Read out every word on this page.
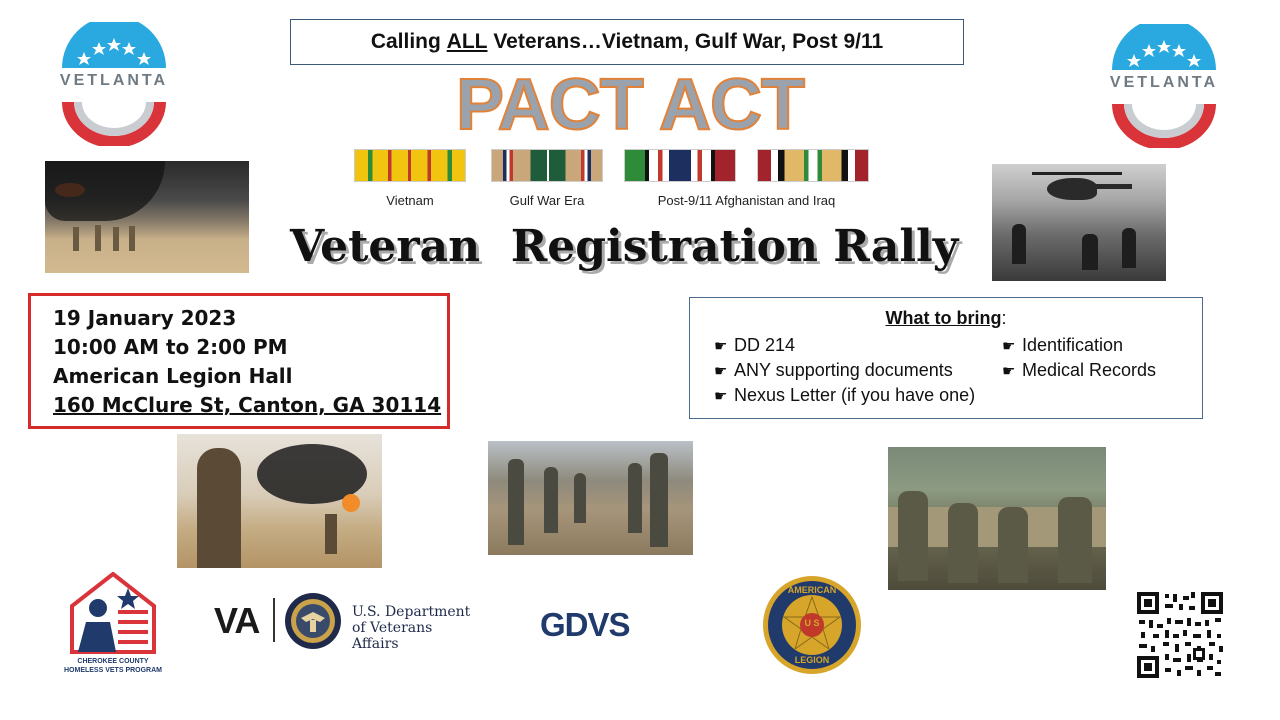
VETLANTA	VETLANTA
Calling ALL Veterans…Vietnam, Gulf War, Post 9/11
PACT ACT
Vietnam	Gulf War Era	Post-9/11 Afghanistan and Iraq
Veteran  Registration Rally
19 January 2023
10:00 AM to 2:00 PM
American Legion Hall
160 McClure St, Canton, GA 30114
What to bring:
☛ DD 214
☛ ANY supporting documents
☛ Nexus Letter (if you have one)
☛ Identification
☛ Medical Records
CHEROKEE COUNTY
HOMELESS VETS PROGRAM
VA	U.S. Department
of Veterans Affairs
GDVS
AMERICAN
U S
LEGION
